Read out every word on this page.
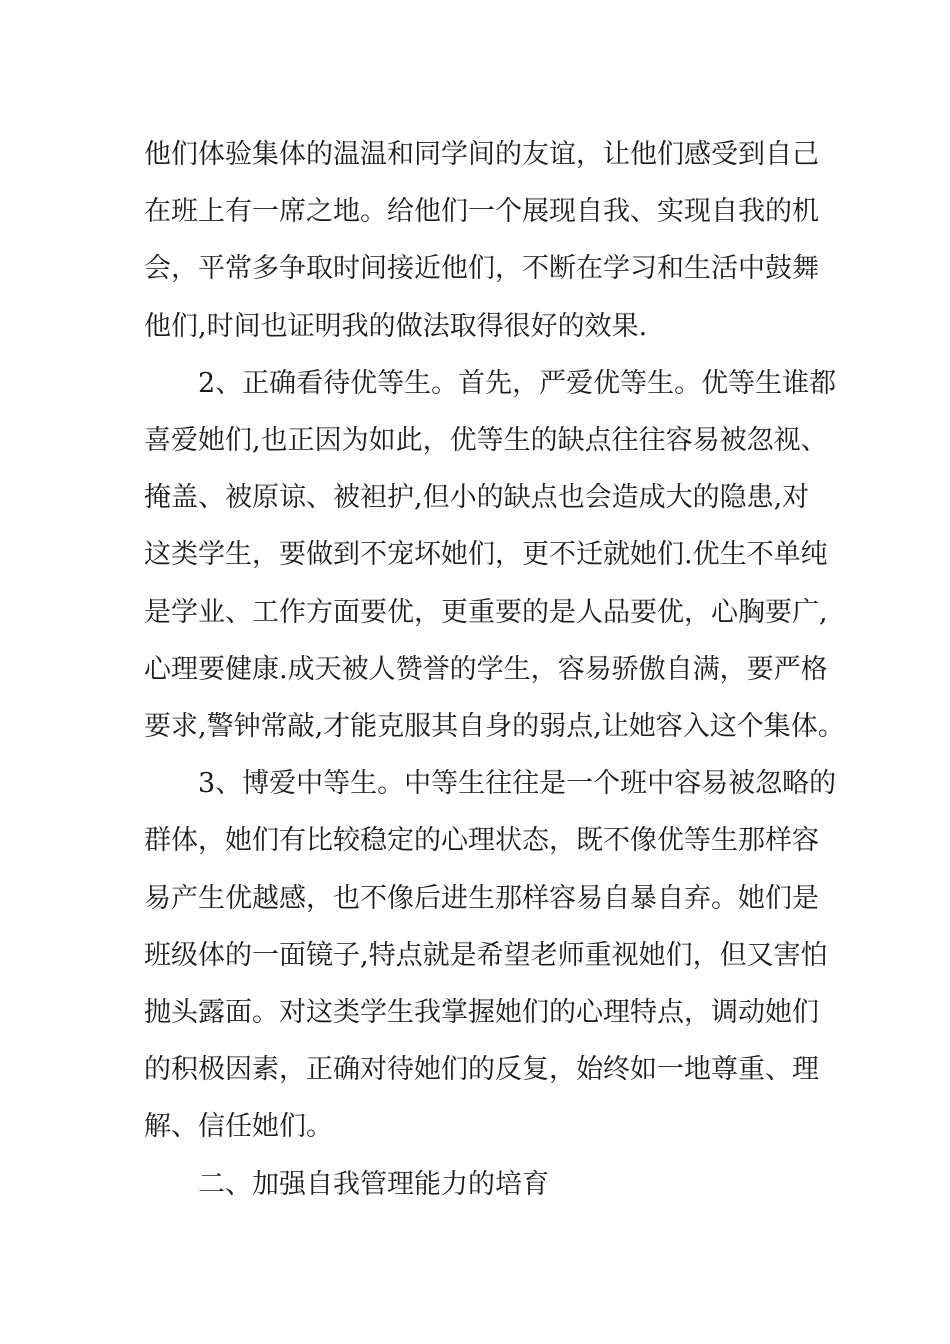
他们体验集体的温温和同学间的友谊，让他们感受到自己
在班上有一席之地。给他们一个展现自我、实现自我的机
会，平常多争取时间接近他们，不断在学习和生活中鼓舞
他们,时间也证明我的做法取得很好的效果.

2、正确看待优等生。首先，严爱优等生。优等生谁都
喜爱她们,也正因为如此，优等生的缺点往往容易被忽视、
掩盖、被原谅、被袒护,但小的缺点也会造成大的隐患,对
这类学生，要做到不宠坏她们，更不迁就她们.优生不单纯
是学业、工作方面要优，更重要的是人品要优，心胸要广,
心理要健康.成天被人赞誉的学生，容易骄傲自满，要严格
要求,警钟常敲,才能克服其自身的弱点,让她容入这个集体。

3、博爱中等生。中等生往往是一个班中容易被忽略的
群体，她们有比较稳定的心理状态，既不像优等生那样容
易产生优越感，也不像后进生那样容易自暴自弃。她们是
班级体的一面镜子,特点就是希望老师重视她们，但又害怕
抛头露面。对这类学生我掌握她们的心理特点，调动她们
的积极因素，正确对待她们的反复，始终如一地尊重、理
解、信任她们。

二、加强自我管理能力的培育
